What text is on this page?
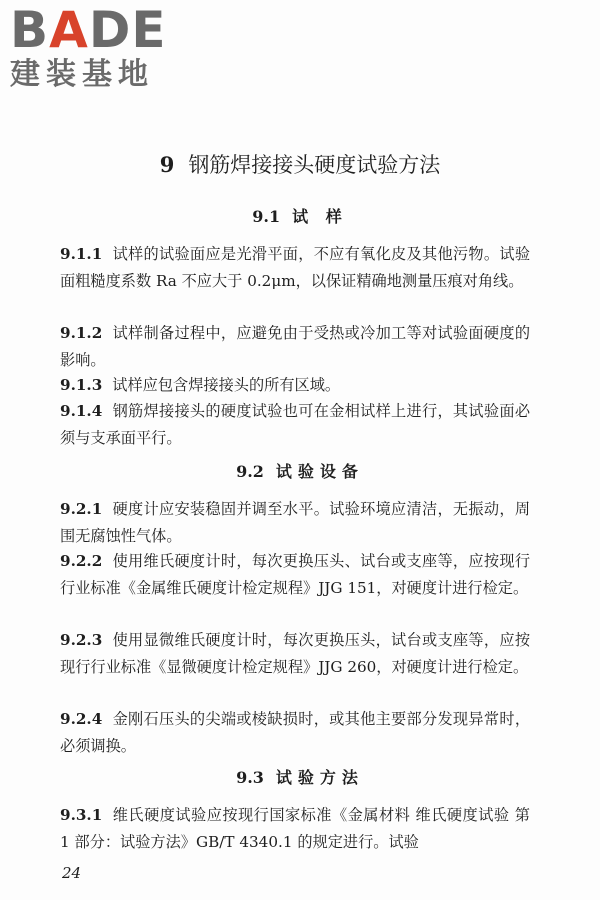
BADE
建装基地
9 钢筋焊接接头硬度试验方法
9.1 试 样
9.1.1 试样的试验面应是光滑平面，不应有氧化皮及其他污物。试验面粗糙度系数 Ra 不应大于 0.2μm，以保证精确地测量压痕对角线。
9.1.2 试样制备过程中，应避免由于受热或冷加工等对试验面硬度的影响。
9.1.3 试样应包含焊接接头的所有区域。
9.1.4 钢筋焊接接头的硬度试验也可在金相试样上进行，其试验面必须与支承面平行。
9.2 试验设备
9.2.1 硬度计应安装稳固并调至水平。试验环境应清洁，无振动，周围无腐蚀性气体。
9.2.2 使用维氏硬度计时，每次更换压头、试台或支座等，应按现行行业标准《金属维氏硬度计检定规程》JJG 151，对硬度计进行检定。
9.2.3 使用显微维氏硬度计时，每次更换压头，试台或支座等，应按现行行业标准《显微硬度计检定规程》JJG 260，对硬度计进行检定。
9.2.4 金刚石压头的尖端或棱缺损时，或其他主要部分发现异常时，必须调换。
9.3 试验方法
9.3.1 维氏硬度试验应按现行国家标准《金属材料 维氏硬度试验 第 1 部分：试验方法》GB/T 4340.1 的规定进行。试验
24
